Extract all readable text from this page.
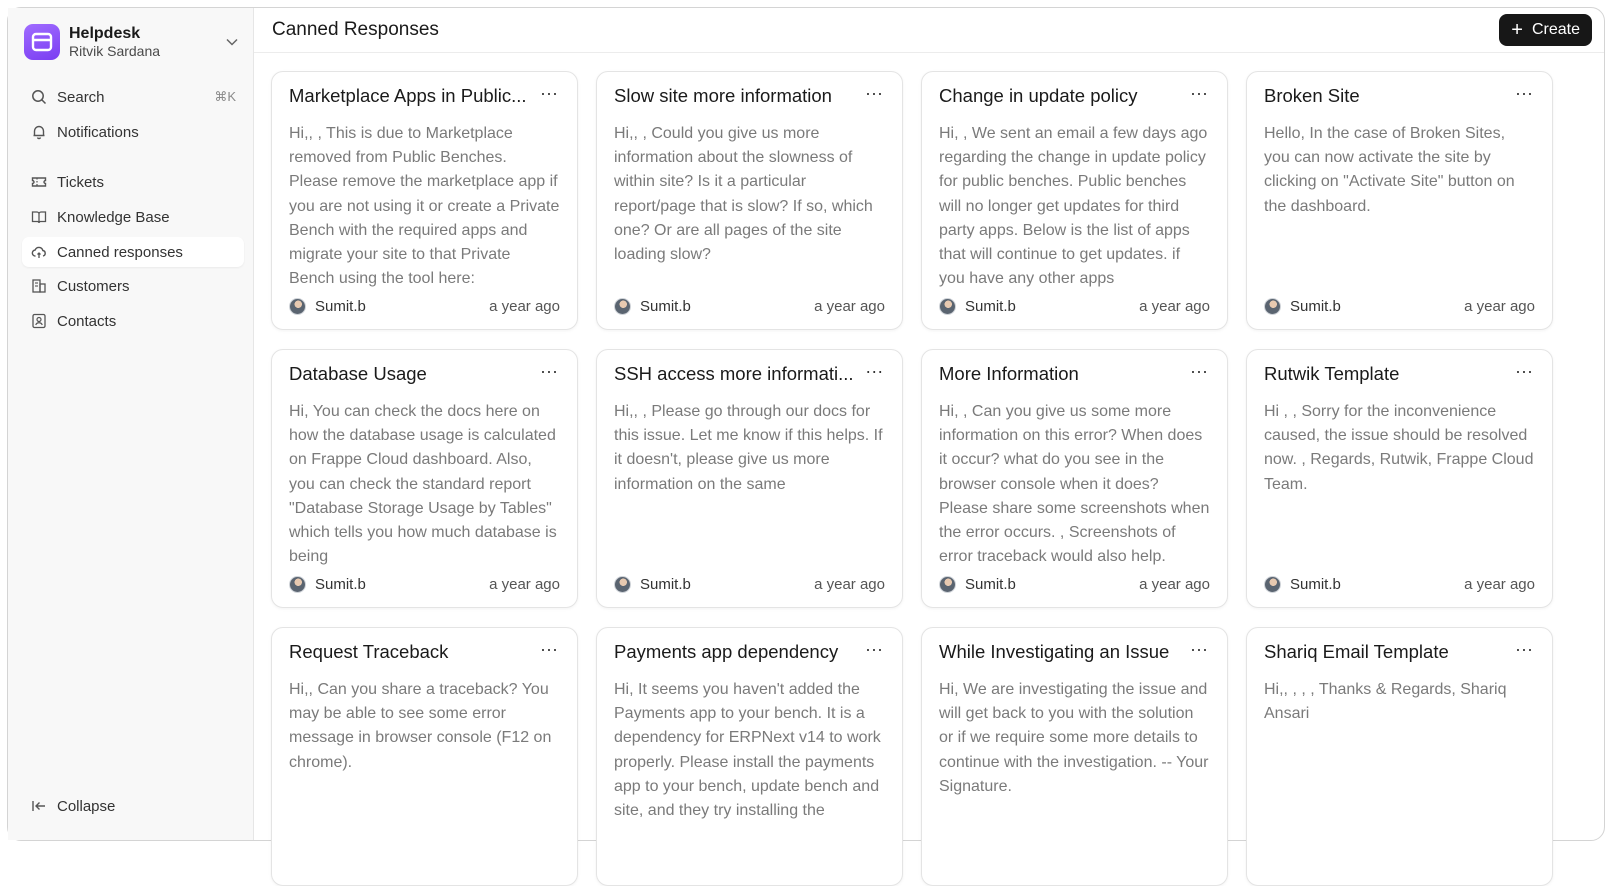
Helpdesk
Ritvik Sardana
Search	⌘K
Notifications
Tickets
Knowledge Base
Canned responses
Customers
Contacts
Collapse
Canned Responses	+ Create
Marketplace Apps in Public... ···
Hi,, , This is due to Marketplace removed from Public Benches. Please remove the marketplace app if you are not using it or create a Private Bench with the required apps and migrate your site to that Private Bench using the tool here:
Sumit.b	a year ago
Slow site more information	···
Hi,, , Could you give us more information about the slowness of within site? Is it a particular report/page that is slow? If so, which one? Or are all pages of the site loading slow?
Sumit.b	a year ago
Change in update policy	···
Hi, , We sent an email a few days ago regarding the change in update policy for public benches. Public benches will no longer get updates for third party apps. Below is the list of apps that will continue to get updates. if you have any other apps
Sumit.b	a year ago
Broken Site	···
Hello, In the case of Broken Sites, you can now activate the site by clicking on "Activate Site" button on the dashboard.
Sumit.b	a year ago
Database Usage	···
Hi, You can check the docs here on how the database usage is calculated on Frappe Cloud dashboard. Also, you can check the standard report "Database Storage Usage by Tables" which tells you how much database is being
Sumit.b	a year ago
SSH access more informati... ···
Hi,, , Please go through our docs for this issue. Let me know if this helps. If it doesn't, please give us more information on the same
Sumit.b	a year ago
More Information	···
Hi, , Can you give us some more information on this error? When does it occur? what do you see in the browser console when it does? Please share some screenshots when the error occurs. , Screenshots of error traceback would also help.
Sumit.b	a year ago
Rutwik Template	···
Hi , , Sorry for the inconvenience caused, the issue should be resolved now. , Regards, Rutwik, Frappe Cloud Team.
Sumit.b	a year ago
Request Traceback	···
Hi,, Can you share a traceback? You may be able to see some error message in browser console (F12 on chrome).
Payments app dependency	···
Hi, It seems you haven't added the Payments app to your bench. It is a dependency for ERPNext v14 to work properly. Please install the payments app to your bench, update bench and site, and they try installing the
While Investigating an Issue	···
Hi, We are investigating the issue and will get back to you with the solution or if we require some more details to continue with the investigation. -- Your Signature.
Shariq Email Template	···
Hi,, , , , Thanks & Regards, Shariq Ansari
